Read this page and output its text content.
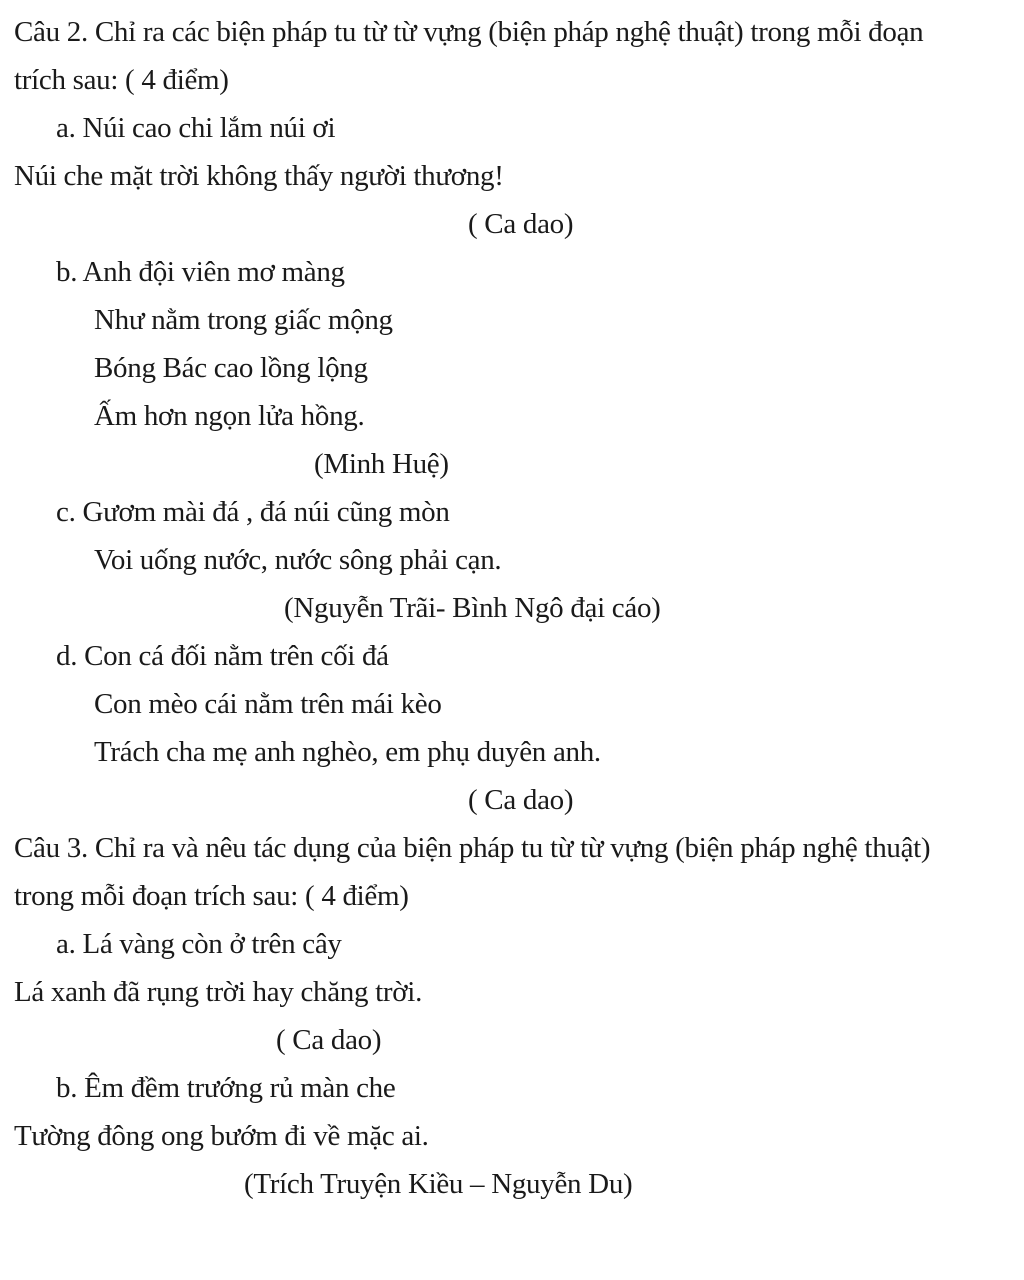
Câu 2. Chỉ ra các biện pháp tu từ từ vựng (biện pháp nghệ thuật) trong mỗi đoạn
trích sau: ( 4 điểm)
a. Núi cao chi lắm núi ơi
Núi che mặt trời không thấy người thương!
( Ca dao)
b. Anh đội viên mơ màng
Như nằm trong giấc mộng
Bóng Bác cao lồng lộng
Ấm hơn ngọn lửa hồng.
(Minh Huệ)
c. Gươm mài đá , đá núi cũng mòn
Voi uống nước, nước sông phải cạn.
(Nguyễn Trãi- Bình Ngô đại cáo)
d. Con cá đối nằm trên cối đá
Con mèo cái nằm trên mái kèo
Trách cha mẹ anh nghèo, em phụ duyên anh.
( Ca dao)
Câu 3. Chỉ ra và nêu tác dụng của biện pháp tu từ từ vựng (biện pháp nghệ thuật)
trong mỗi đoạn trích sau: ( 4 điểm)
a. Lá vàng còn ở trên cây
Lá xanh đã rụng trời hay chăng trời.
( Ca dao)
b. Êm đềm trướng rủ màn che
Tường đông ong bướm đi về mặc ai.
(Trích Truyện Kiều – Nguyễn Du)
